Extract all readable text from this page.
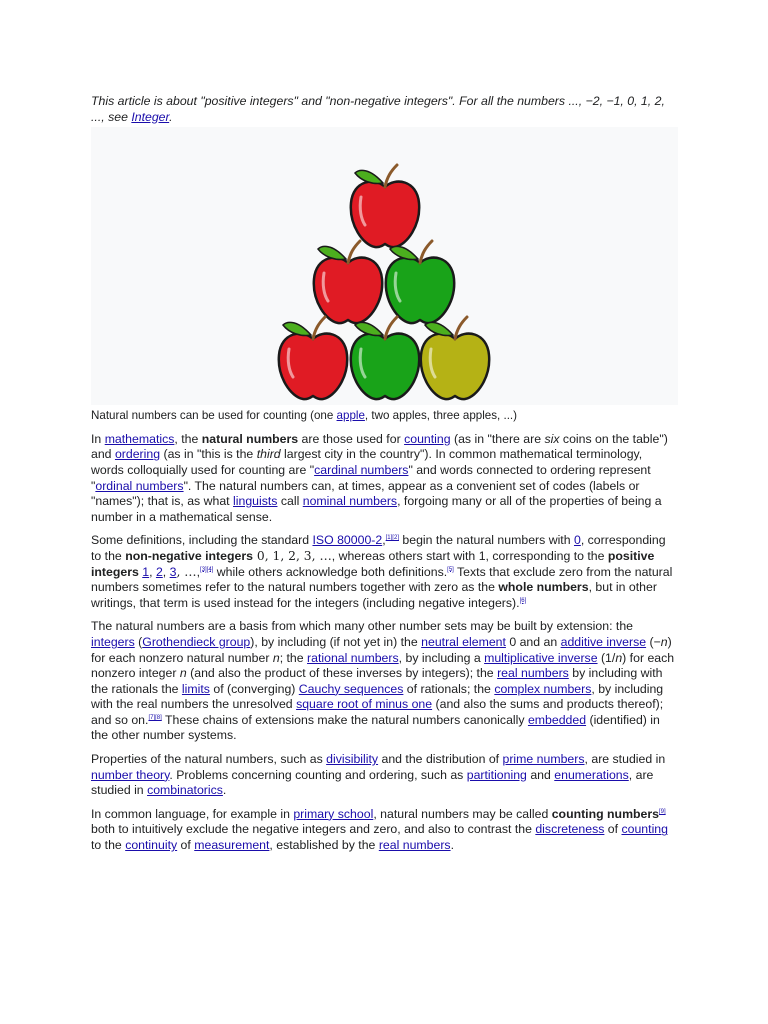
This article is about "positive integers" and "non-negative integers". For all the numbers ..., −2, −1, 0, 1, 2, ..., see Integer.
Natural numbers can be used for counting (one apple, two apples, three apples, ...)

In mathematics, the natural numbers are those used for counting (as in "there are six coins on the table") and ordering (as in "this is the third largest city in the country"). In common mathematical terminology, words colloquially used for counting are "cardinal numbers" and words connected to ordering represent "ordinal numbers". The natural numbers can, at times, appear as a convenient set of codes (labels or "names"); that is, as what linguists call nominal numbers, forgoing many or all of the properties of being a number in a mathematical sense.

Some definitions, including the standard ISO 80000-2,[1][2] begin the natural numbers with 0, corresponding to the non-negative integers 0, 1, 2, 3, …, whereas others start with 1, corresponding to the positive integers 1, 2, 3, …,[3][4] while others acknowledge both definitions.[5] Texts that exclude zero from the natural numbers sometimes refer to the natural numbers together with zero as the whole numbers, but in other writings, that term is used instead for the integers (including negative integers).[6]

The natural numbers are a basis from which many other number sets may be built by extension: the integers (Grothendieck group), by including (if not yet in) the neutral element 0 and an additive inverse (−n) for each nonzero natural number n; the rational numbers, by including a multiplicative inverse (1/n) for each nonzero integer n (and also the product of these inverses by integers); the real numbers by including with the rationals the limits of (converging) Cauchy sequences of rationals; the complex numbers, by including with the real numbers the unresolved square root of minus one (and also the sums and products thereof); and so on.[7][8] These chains of extensions make the natural numbers canonically embedded (identified) in the other number systems.

Properties of the natural numbers, such as divisibility and the distribution of prime numbers, are studied in number theory. Problems concerning counting and ordering, such as partitioning and enumerations, are studied in combinatorics.

In common language, for example in primary school, natural numbers may be called counting numbers[9] both to intuitively exclude the negative integers and zero, and also to contrast the discreteness of counting to the continuity of measurement, established by the real numbers.
